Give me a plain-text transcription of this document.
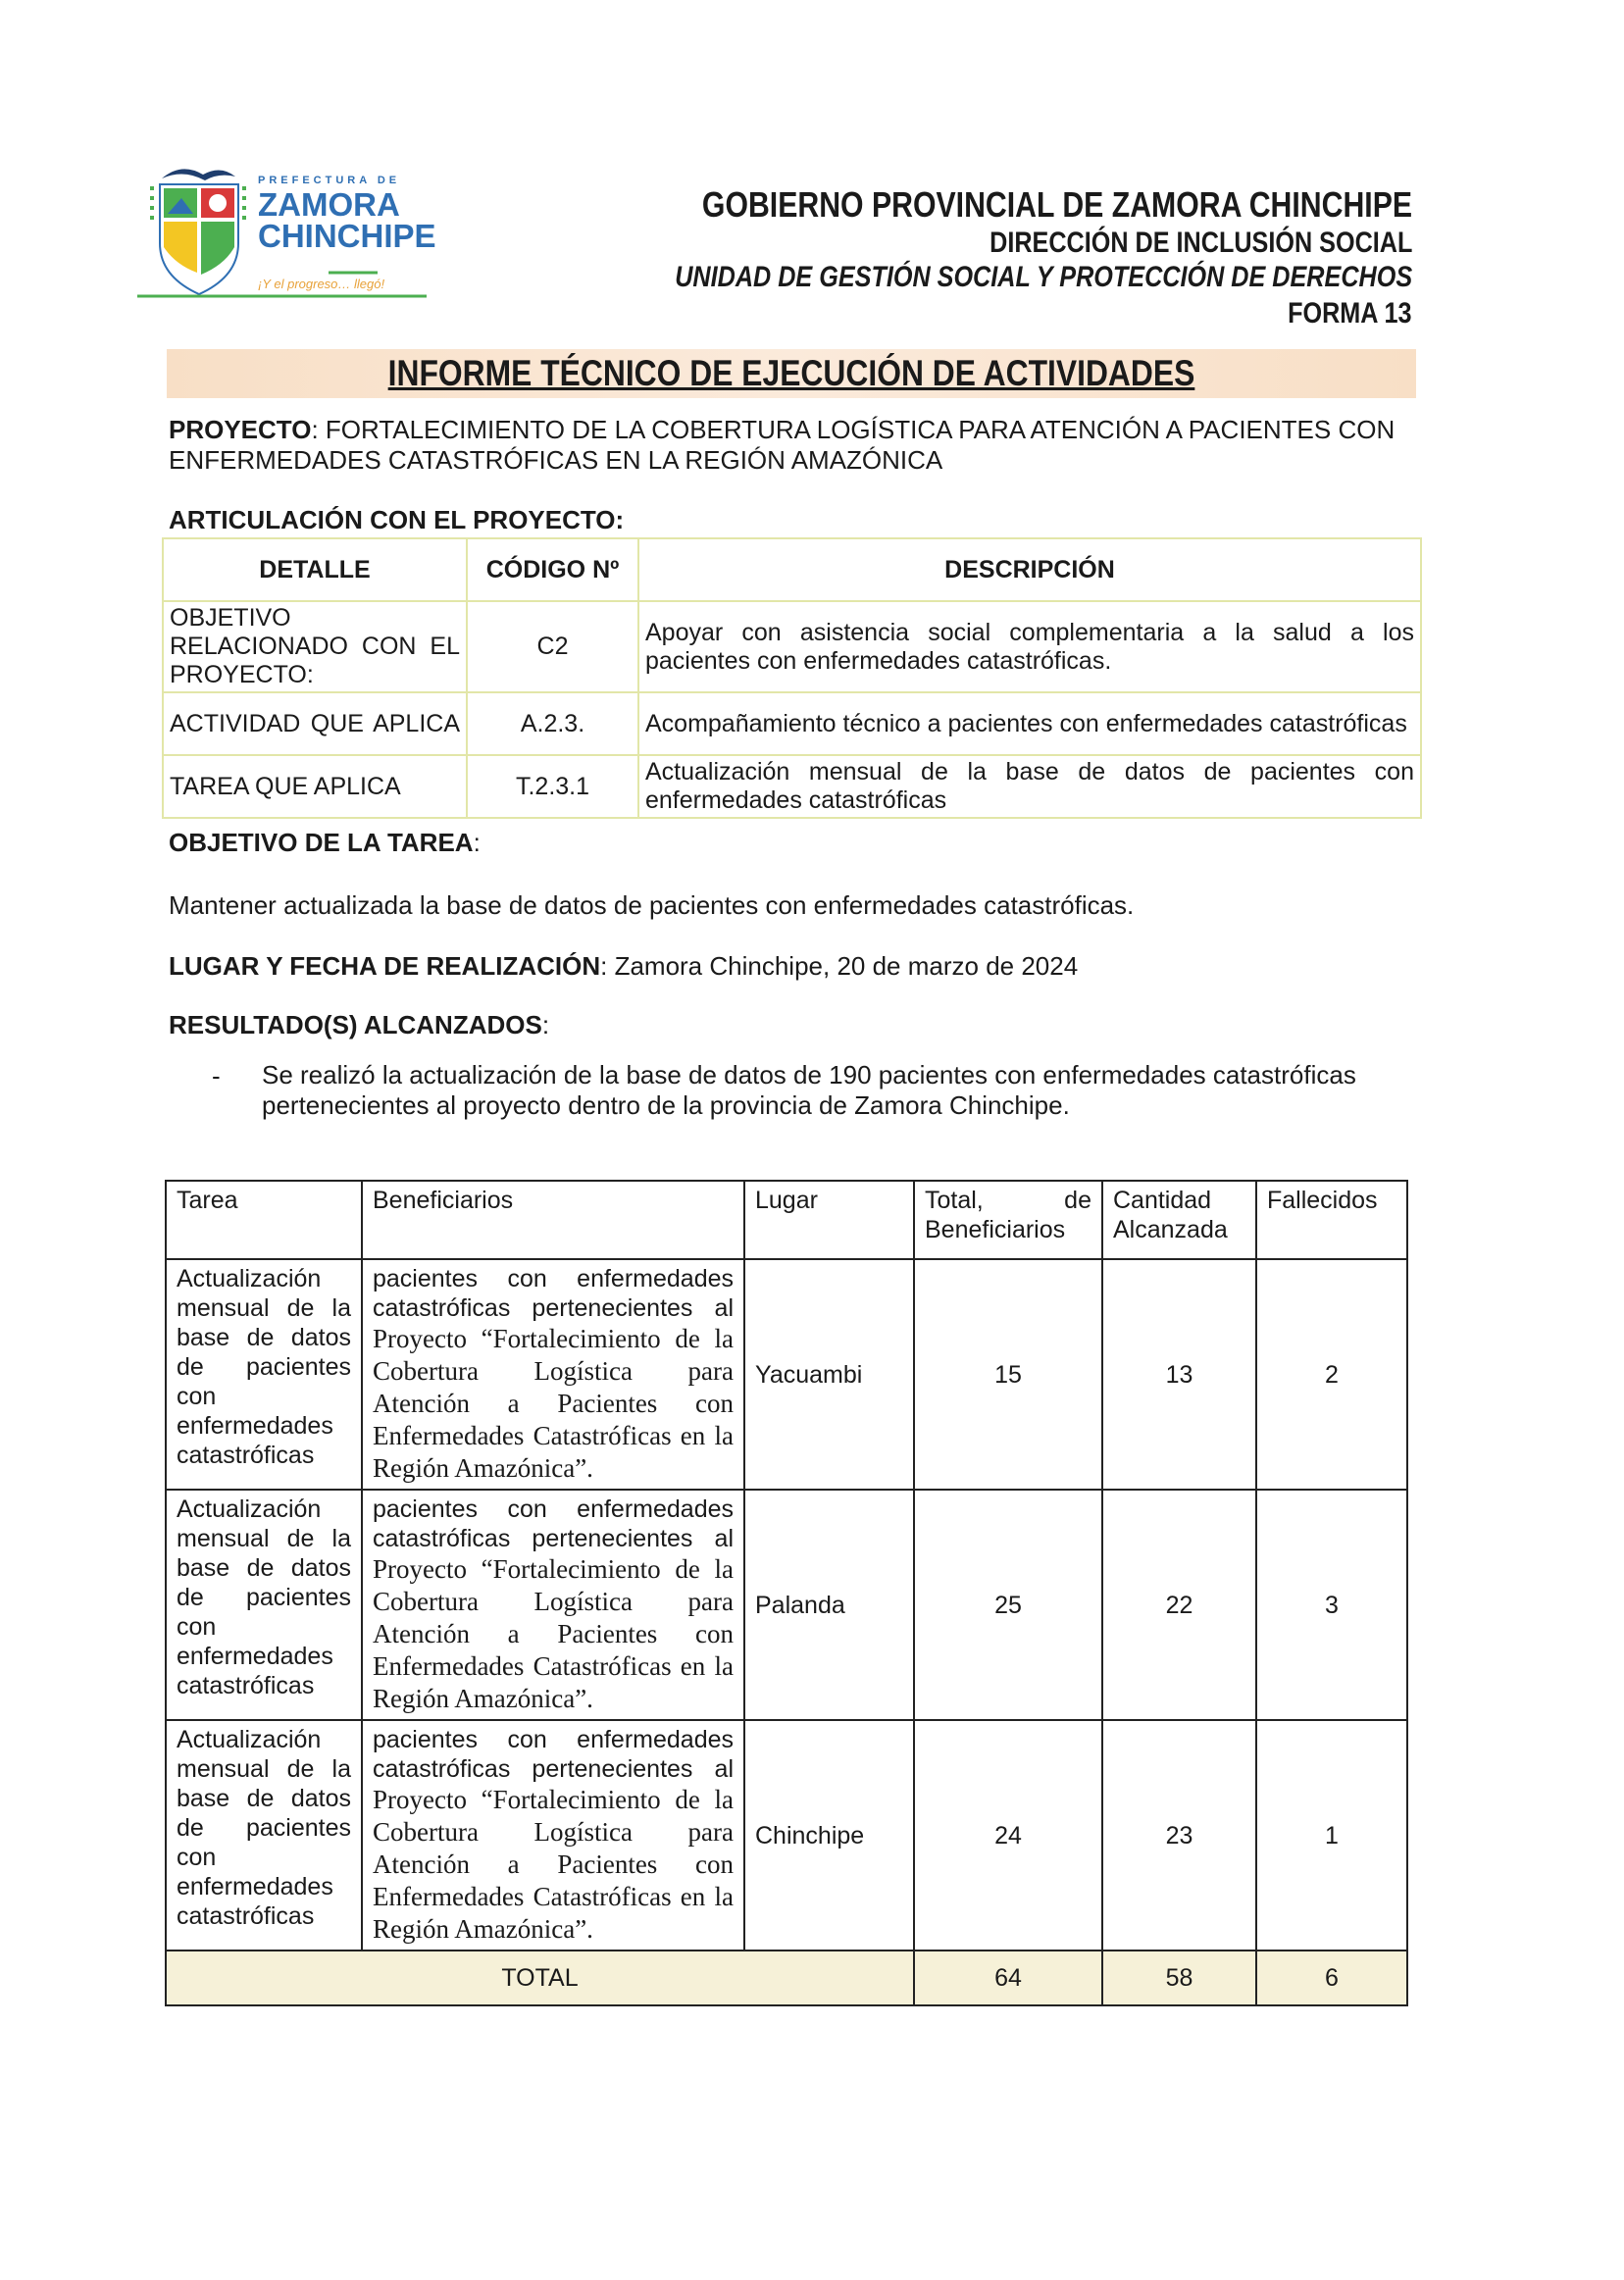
PREFECTURA DE
ZAMORA
CHINCHIPE
¡Y el progreso… llegó!
GOBIERNO PROVINCIAL DE ZAMORA CHINCHIPE
DIRECCIÓN DE INCLUSIÓN SOCIAL
UNIDAD DE GESTIÓN SOCIAL Y PROTECCIÓN DE DERECHOS
FORMA 13
INFORME TÉCNICO DE EJECUCIÓN DE ACTIVIDADES
PROYECTO: FORTALECIMIENTO DE LA COBERTURA LOGÍSTICA PARA ATENCIÓN A PACIENTES CON ENFERMEDADES CATASTRÓFICAS EN LA REGIÓN AMAZÓNICA
ARTICULACIÓN CON EL PROYECTO:
DETALLE	CÓDIGO Nº	DESCRIPCIÓN
OBJETIVO RELACIONADO CON EL PROYECTO:	C2	Apoyar con asistencia social complementaria a la salud a los pacientes con enfermedades catastróficas.
ACTIVIDAD QUE APLICA	A.2.3.	Acompañamiento técnico a pacientes con enfermedades catastróficas
TAREA QUE APLICA	T.2.3.1	Actualización mensual de la base de datos de pacientes con enfermedades catastróficas
OBJETIVO DE LA TAREA:
Mantener actualizada la base de datos de pacientes con enfermedades catastróficas.
LUGAR Y FECHA DE REALIZACIÓN: Zamora Chinchipe, 20 de marzo de 2024
RESULTADO(S) ALCANZADOS:
- Se realizó la actualización de la base de datos de 190 pacientes con enfermedades catastróficas pertenecientes al proyecto dentro de la provincia de Zamora Chinchipe.
Tarea	Beneficiarios	Lugar	Total, de Beneficiarios	Cantidad Alcanzada	Fallecidos
Actualización mensual de la base de datos de pacientes con enfermedades catastróficas	pacientes con enfermedades catastróficas pertenecientes al Proyecto “Fortalecimiento de la Cobertura Logística para Atención a Pacientes con Enfermedades Catastróficas en la Región Amazónica”.	Yacuambi	15	13	2
Actualización mensual de la base de datos de pacientes con enfermedades catastróficas	pacientes con enfermedades catastróficas pertenecientes al Proyecto “Fortalecimiento de la Cobertura Logística para Atención a Pacientes con Enfermedades Catastróficas en la Región Amazónica”.	Palanda	25	22	3
Actualización mensual de la base de datos de pacientes con enfermedades catastróficas	pacientes con enfermedades catastróficas pertenecientes al Proyecto “Fortalecimiento de la Cobertura Logística para Atención a Pacientes con Enfermedades Catastróficas en la Región Amazónica”.	Chinchipe	24	23	1
TOTAL			64	58	6
